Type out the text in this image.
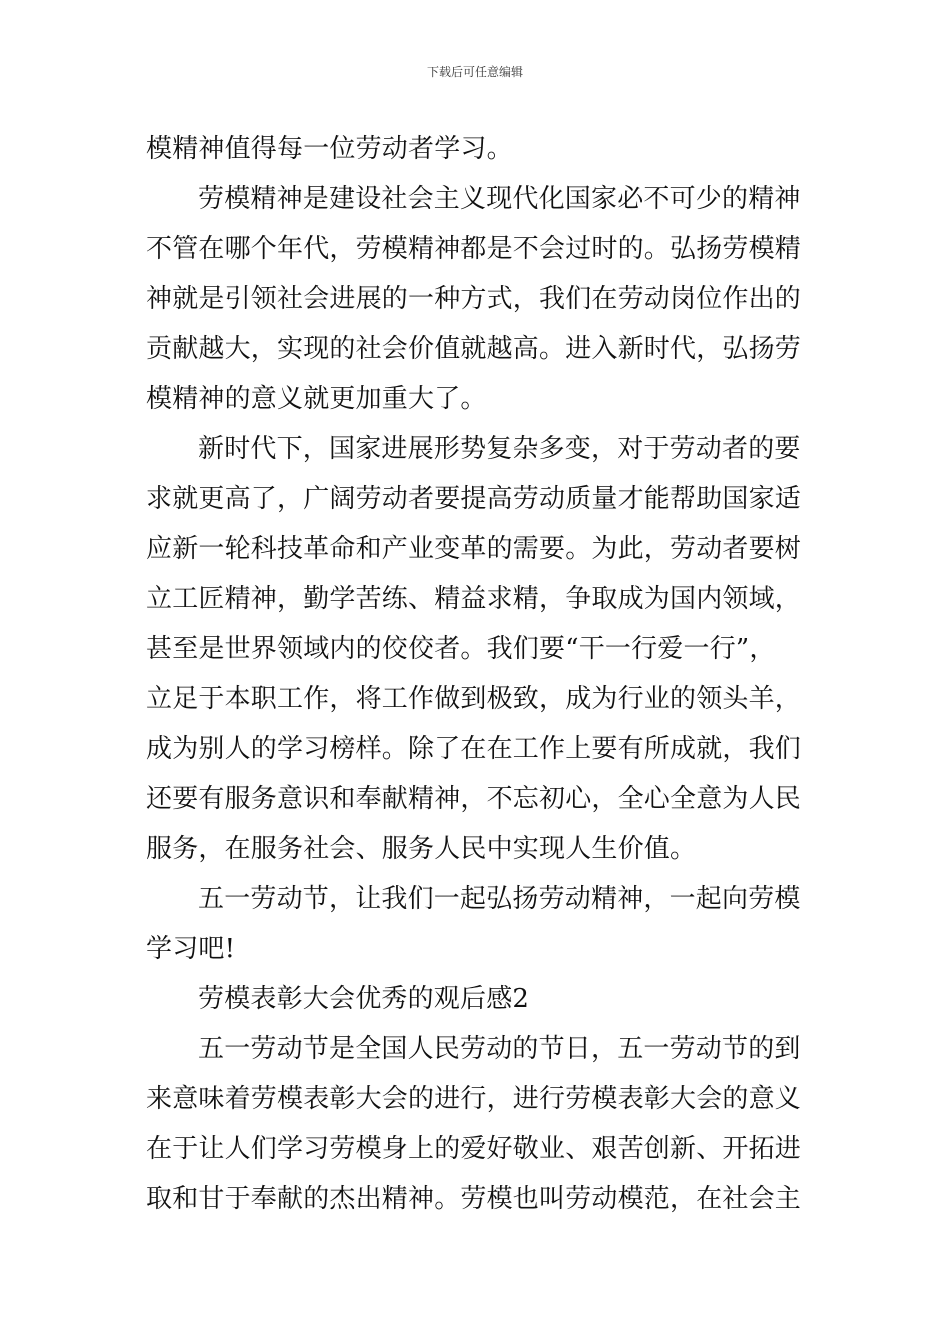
下载后可任意编辑
模精神值得每一位劳动者学习。
劳模精神是建设社会主义现代化国家必不可少的精神
不管在哪个年代，劳模精神都是不会过时的。弘扬劳模精
神就是引领社会进展的一种方式，我们在劳动岗位作出的
贡献越大，实现的社会价值就越高。进入新时代，弘扬劳
模精神的意义就更加重大了。
新时代下，国家进展形势复杂多变，对于劳动者的要
求就更高了，广阔劳动者要提高劳动质量才能帮助国家适
应新一轮科技革命和产业变革的需要。为此，劳动者要树
立工匠精神，勤学苦练、精益求精，争取成为国内领域，
甚至是世界领域内的佼佼者。我们要“干一行爱一行”，
立足于本职工作，将工作做到极致，成为行业的领头羊，
成为别人的学习榜样。除了在在工作上要有所成就，我们
还要有服务意识和奉献精神，不忘初心，全心全意为人民
服务，在服务社会、服务人民中实现人生价值。
五一劳动节，让我们一起弘扬劳动精神，一起向劳模
学习吧!
劳模表彰大会优秀的观后感2
五一劳动节是全国人民劳动的节日，五一劳动节的到
来意味着劳模表彰大会的进行，进行劳模表彰大会的意义
在于让人们学习劳模身上的爱好敬业、艰苦创新、开拓进
取和甘于奉献的杰出精神。劳模也叫劳动模范，在社会主
